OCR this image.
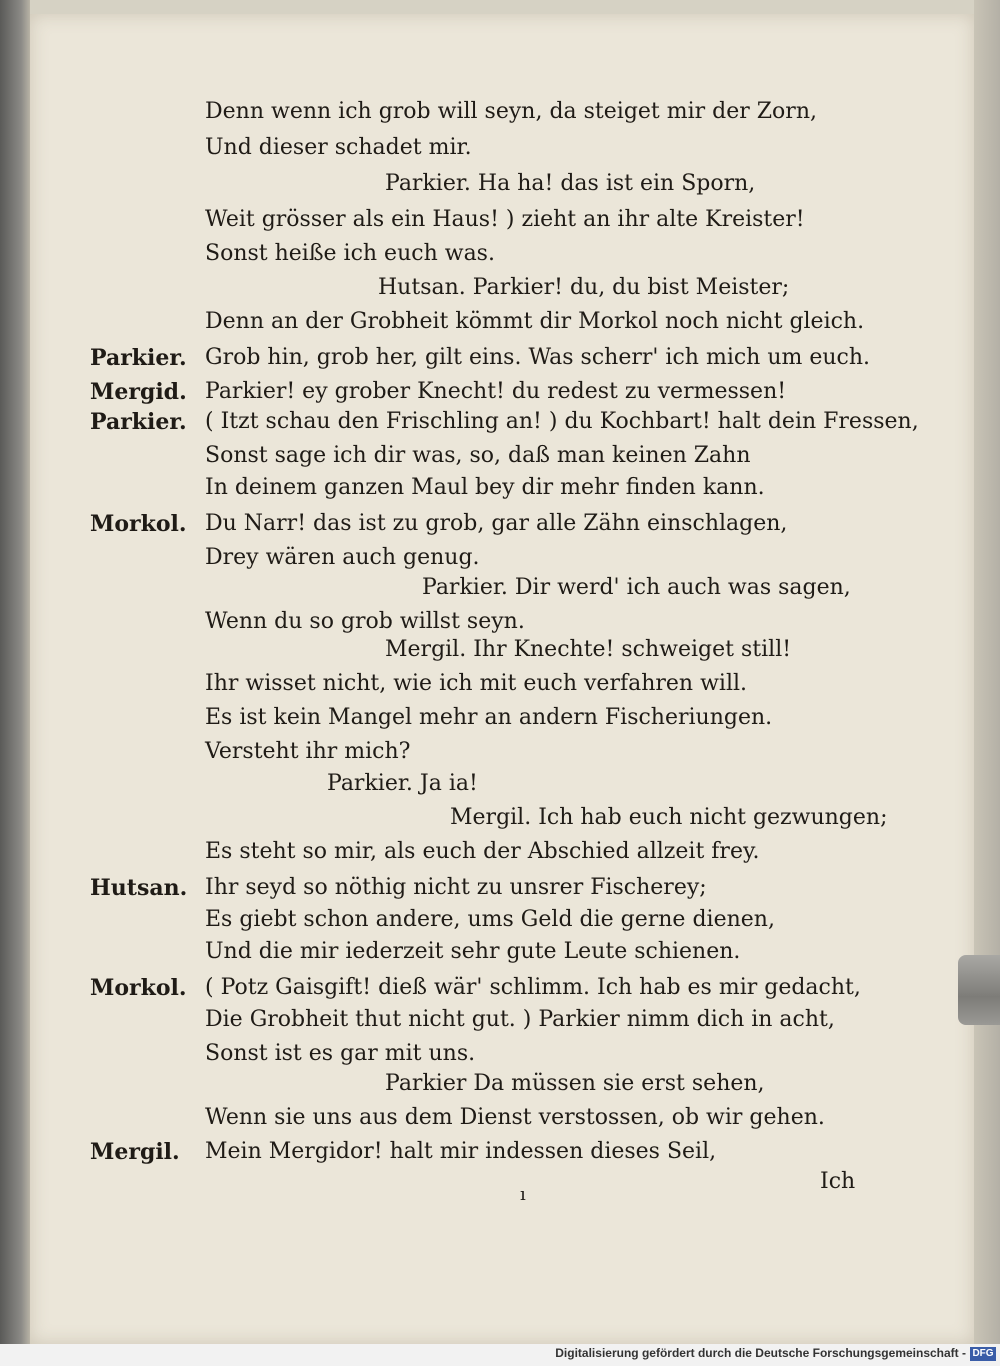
Denn wenn ich grob will seyn, da steiget mir der Zorn,
Und dieser schadet mir.
Parkier. Ha ha! das ist ein Sporn,
Weit grösser als ein Haus! ) zieht an ihr alte Kreister!
Sonst heiße ich euch was.
Hutsan. Parkier! du, du bist Meister;
Denn an der Grobheit kömmt dir Morkol noch nicht gleich.
Parkier. Grob hin, grob her, gilt eins. Was scherr' ich mich um euch.
Mergid. Parkier! ey grober Knecht! du redest zu vermessen!
Parkier. ( Itzt schau den Frischling an! ) du Kochbart! halt dein Fressen,
Sonst sage ich dir was, so, daß man keinen Zahn
In deinem ganzen Maul bey dir mehr finden kann.
Morkol. Du Narr! das ist zu grob, gar alle Zähn einschlagen,
Drey wären auch genug.
Parkier. Dir werd' ich auch was sagen,
Wenn du so grob willst seyn.
Mergil. Ihr Knechte! schweiget still!
Ihr wisset nicht, wie ich mit euch verfahren will.
Es ist kein Mangel mehr an andern Fischeriungen.
Versteht ihr mich?
Parkier. Ja ia!
Mergil. Ich hab euch nicht gezwungen;
Es steht so mir, als euch der Abschied allzeit frey.
Hutsan. Ihr seyd so nöthig nicht zu unsrer Fischerey;
Es giebt schon andere, ums Geld die gerne dienen,
Und die mir iederzeit sehr gute Leute schienen.
Morkol. ( Potz Gaisgift! dieß wär' schlimm. Ich hab es mir gedacht,
Die Grobheit thut nicht gut. ) Parkier nimm dich in acht,
Sonst ist es gar mit uns.
Parkier Da müssen sie erst sehen,
Wenn sie uns aus dem Dienst verstossen, ob wir gehen.
Mergil. Mein Mergidor! halt mir indessen dieses Seil,
Ich
ı
Digitalisierung gefördert durch die Deutsche Forschungsgemeinschaft - DFG
